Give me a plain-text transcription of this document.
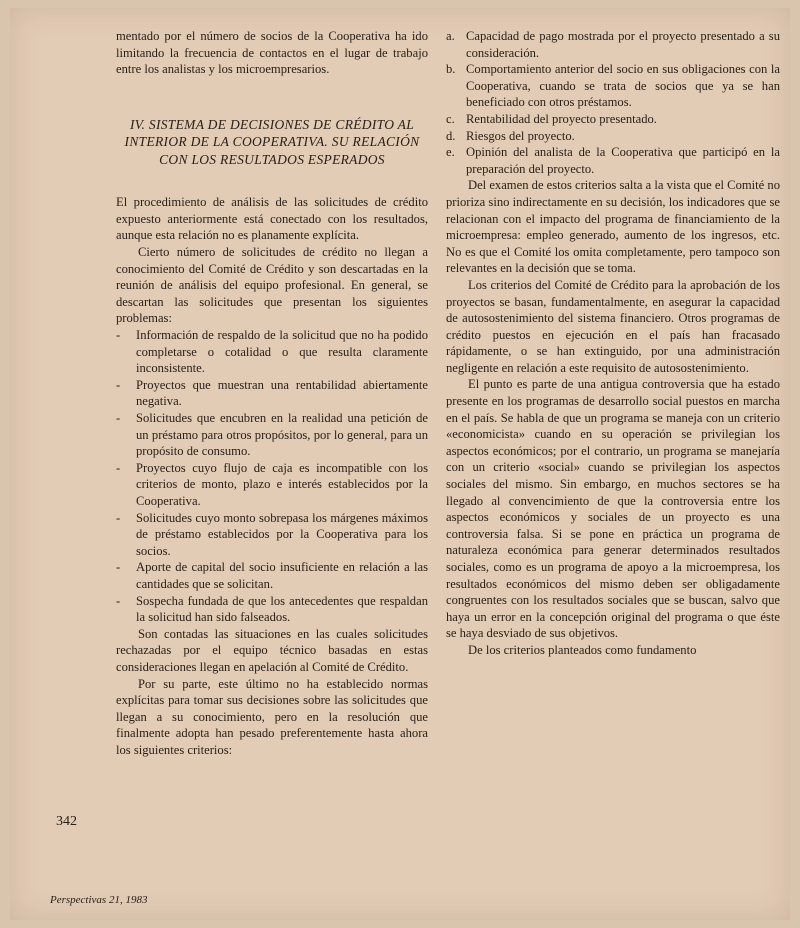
mentado por el número de socios de la Cooperativa ha ido limitando la frecuencia de contactos en el lugar de trabajo entre los analistas y los microempresarios.

IV. SISTEMA DE DECISIONES DE CRÉDITO AL INTERIOR DE LA COOPERATIVA. SU RELACIÓN CON LOS RESULTADOS ESPERADOS

El procedimiento de análisis de las solicitudes de crédito expuesto anteriormente está conectado con los resultados, aunque esta relación no es planamente explícita.

Cierto número de solicitudes de crédito no llegan a conocimiento del Comité de Crédito y son descartadas en la reunión de análisis del equipo profesional. En general, se descartan las solicitudes que presentan los siguientes problemas:

- Información de respaldo de la solicitud que no ha podido completarse o cotalidad o que resulta claramente inconsistente.
- Proyectos que muestran una rentabilidad abiertamente negativa.
- Solicitudes que encubren en la realidad una petición de un préstamo para otros propósitos, por lo general, para un propósito de consumo.
- Proyectos cuyo flujo de caja es incompatible con los criterios de monto, plazo e interés establecidos por la Cooperativa.
- Solicitudes cuyo monto sobrepasa los márgenes máximos de préstamo establecidos por la Cooperativa para los socios.
- Aporte de capital del socio insuficiente en relación a las cantidades que se solicitan.
- Sospecha fundada de que los antecedentes que respaldan la solicitud han sido falseados.

Son contadas las situaciones en las cuales solicitudes rechazadas por el equipo técnico basadas en estas consideraciones llegan en apelación al Comité de Crédito.

Por su parte, este último no ha establecido normas explícitas para tomar sus decisiones sobre las solicitudes que llegan a su conocimiento, pero en la resolución que finalmente adopta han pesado preferentemente hasta ahora los siguientes criterios:

a. Capacidad de pago mostrada por el proyecto presentado a su consideración.
b. Comportamiento anterior del socio en sus obligaciones con la Cooperativa, cuando se trata de socios que ya se han beneficiado con otros préstamos.
c. Rentabilidad del proyecto presentado.
d. Riesgos del proyecto.
e. Opinión del analista de la Cooperativa que participó en la preparación del proyecto.

Del examen de estos criterios salta a la vista que el Comité no prioriza sino indirectamente en su decisión, los indicadores que se relacionan con el impacto del programa de financiamiento de la microempresa: empleo generado, aumento de los ingresos, etc. No es que el Comité los omita completamente, pero tampoco son relevantes en la decisión que se toma.

Los criterios del Comité de Crédito para la aprobación de los proyectos se basan, fundamentalmente, en asegurar la capacidad de autosostenimiento del sistema financiero. Otros programas de crédito puestos en ejecución en el país han fracasado rápidamente, o se han extinguido, por una administración negligente en relación a este requisito de autosostenimiento.

El punto es parte de una antigua controversia que ha estado presente en los programas de desarrollo social puestos en marcha en el país. Se habla de que un programa se maneja con un criterio «economicista» cuando en su operación se privilegian los aspectos económicos; por el contrario, un programa se manejaría con un criterio «social» cuando se privilegian los aspectos sociales del mismo. Sin embargo, en muchos sectores se ha llegado al convencimiento de que la controversia entre los aspectos económicos y sociales de un proyecto es una controversia falsa. Si se pone en práctica un programa de naturaleza económica para generar determinados resultados sociales, como es un programa de apoyo a la microempresa, los resultados económicos del mismo deben ser obligadamente congruentes con los resultados sociales que se buscan, salvo que haya un error en la concepción original del programa o que éste se haya desviado de sus objetivos.

De los criterios planteados como fundamento

342
Perspectivas 21, 1983
